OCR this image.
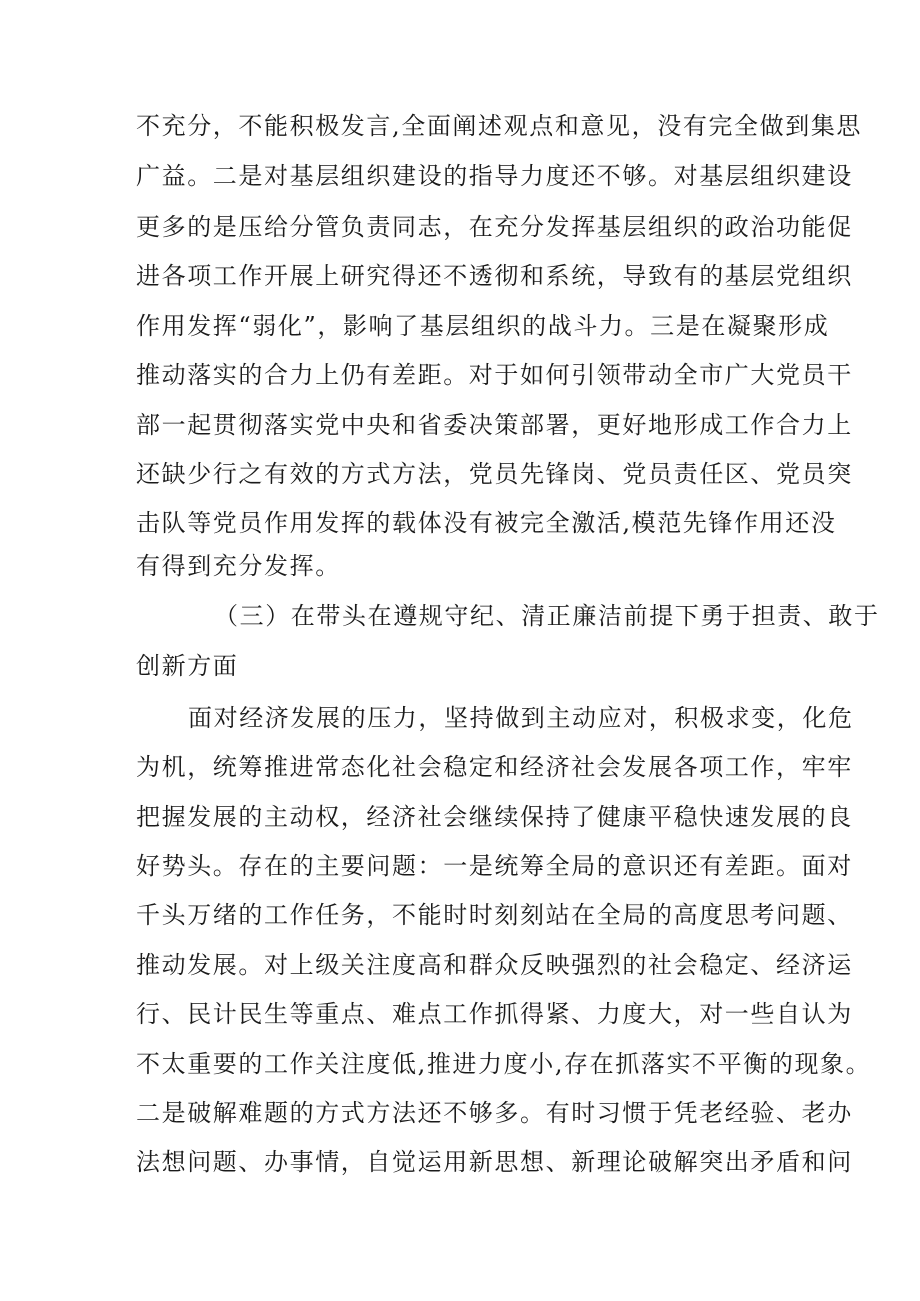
不充分，不能积极发言,全面阐述观点和意见，没有完全做到集思
广益。二是对基层组织建设的指导力度还不够。对基层组织建设
更多的是压给分管负责同志，在充分发挥基层组织的政治功能促
进各项工作开展上研究得还不透彻和系统，导致有的基层党组织
作用发挥“弱化”，影响了基层组织的战斗力。三是在凝聚形成
推动落实的合力上仍有差距。对于如何引领带动全市广大党员干
部一起贯彻落实党中央和省委决策部署，更好地形成工作合力上
还缺少行之有效的方式方法，党员先锋岗、党员责任区、党员突
击队等党员作用发挥的载体没有被完全激活,模范先锋作用还没
有得到充分发挥。
（三）在带头在遵规守纪、清正廉洁前提下勇于担责、敢于
创新方面
面对经济发展的压力，坚持做到主动应对，积极求变，化危
为机，统筹推进常态化社会稳定和经济社会发展各项工作，牢牢
把握发展的主动权，经济社会继续保持了健康平稳快速发展的良
好势头。存在的主要问题：一是统筹全局的意识还有差距。面对
千头万绪的工作任务，不能时时刻刻站在全局的高度思考问题、
推动发展。对上级关注度高和群众反映强烈的社会稳定、经济运
行、民计民生等重点、难点工作抓得紧、力度大，对一些自认为
不太重要的工作关注度低,推进力度小,存在抓落实不平衡的现象。
二是破解难题的方式方法还不够多。有时习惯于凭老经验、老办
法想问题、办事情，自觉运用新思想、新理论破解突出矛盾和问
